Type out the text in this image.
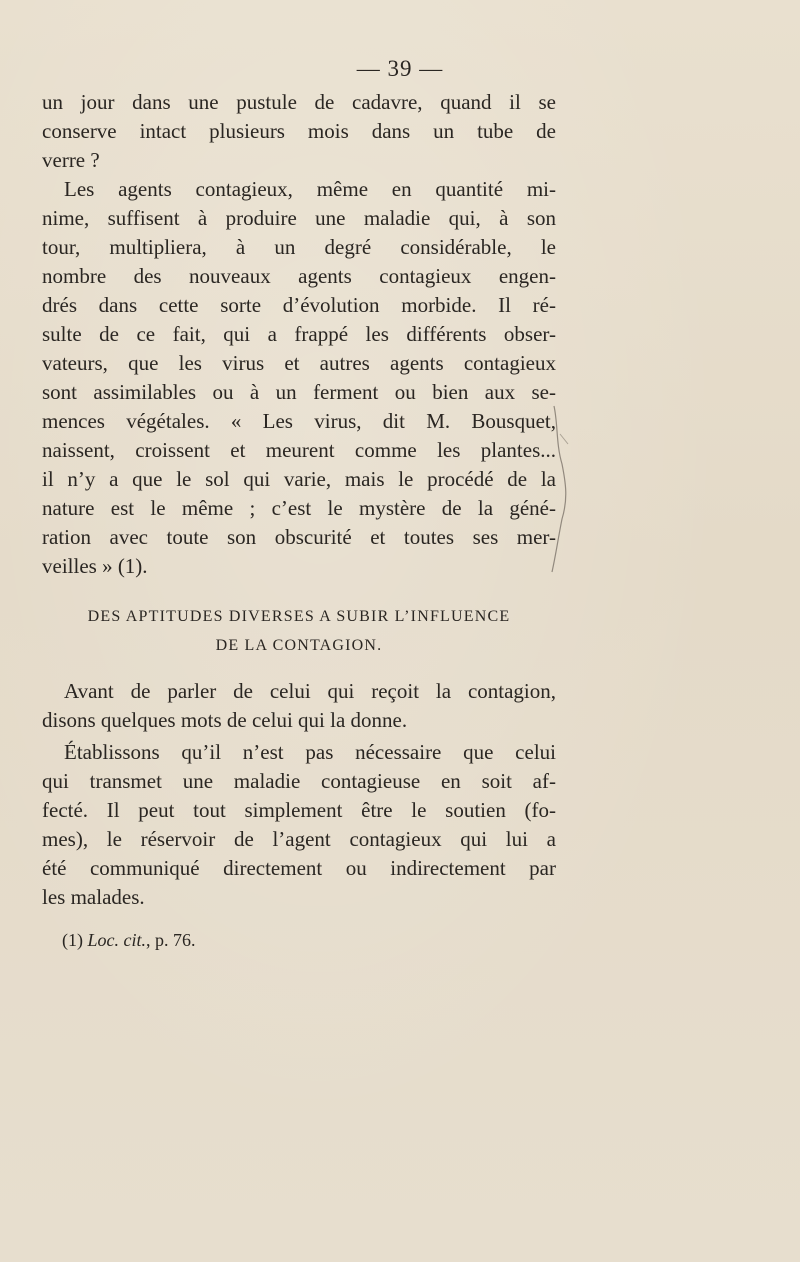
— 39 —
un jour dans une pustule de cadavre, quand il se
conserve intact plusieurs mois dans un tube de
verre ?
Les agents contagieux, même en quantité mi-
nime, suffisent à produire une maladie qui, à son
tour, multipliera, à un degré considérable, le
nombre des nouveaux agents contagieux engen-
drés dans cette sorte d’évolution morbide. Il ré-
sulte de ce fait, qui a frappé les différents obser-
vateurs, que les virus et autres agents contagieux
sont assimilables ou à un ferment ou bien aux se-
mences végétales. « Les virus, dit M. Bousquet,
naissent, croissent et meurent comme les plantes...
il n’y a que le sol qui varie, mais le procédé de la
nature est le même ; c’est le mystère de la géné-
ration avec toute son obscurité et toutes ses mer-
veilles » (1).
DES APTITUDES DIVERSES A SUBIR L’INFLUENCE
DE LA CONTAGION.
Avant de parler de celui qui reçoit la contagion,
disons quelques mots de celui qui la donne.
Établissons qu’il n’est pas nécessaire que celui
qui transmet une maladie contagieuse en soit af-
fecté. Il peut tout simplement être le soutien (fo-
mes), le réservoir de l’agent contagieux qui lui a
été communiqué directement ou indirectement par
les malades.
(1) Loc. cit., p. 76.
